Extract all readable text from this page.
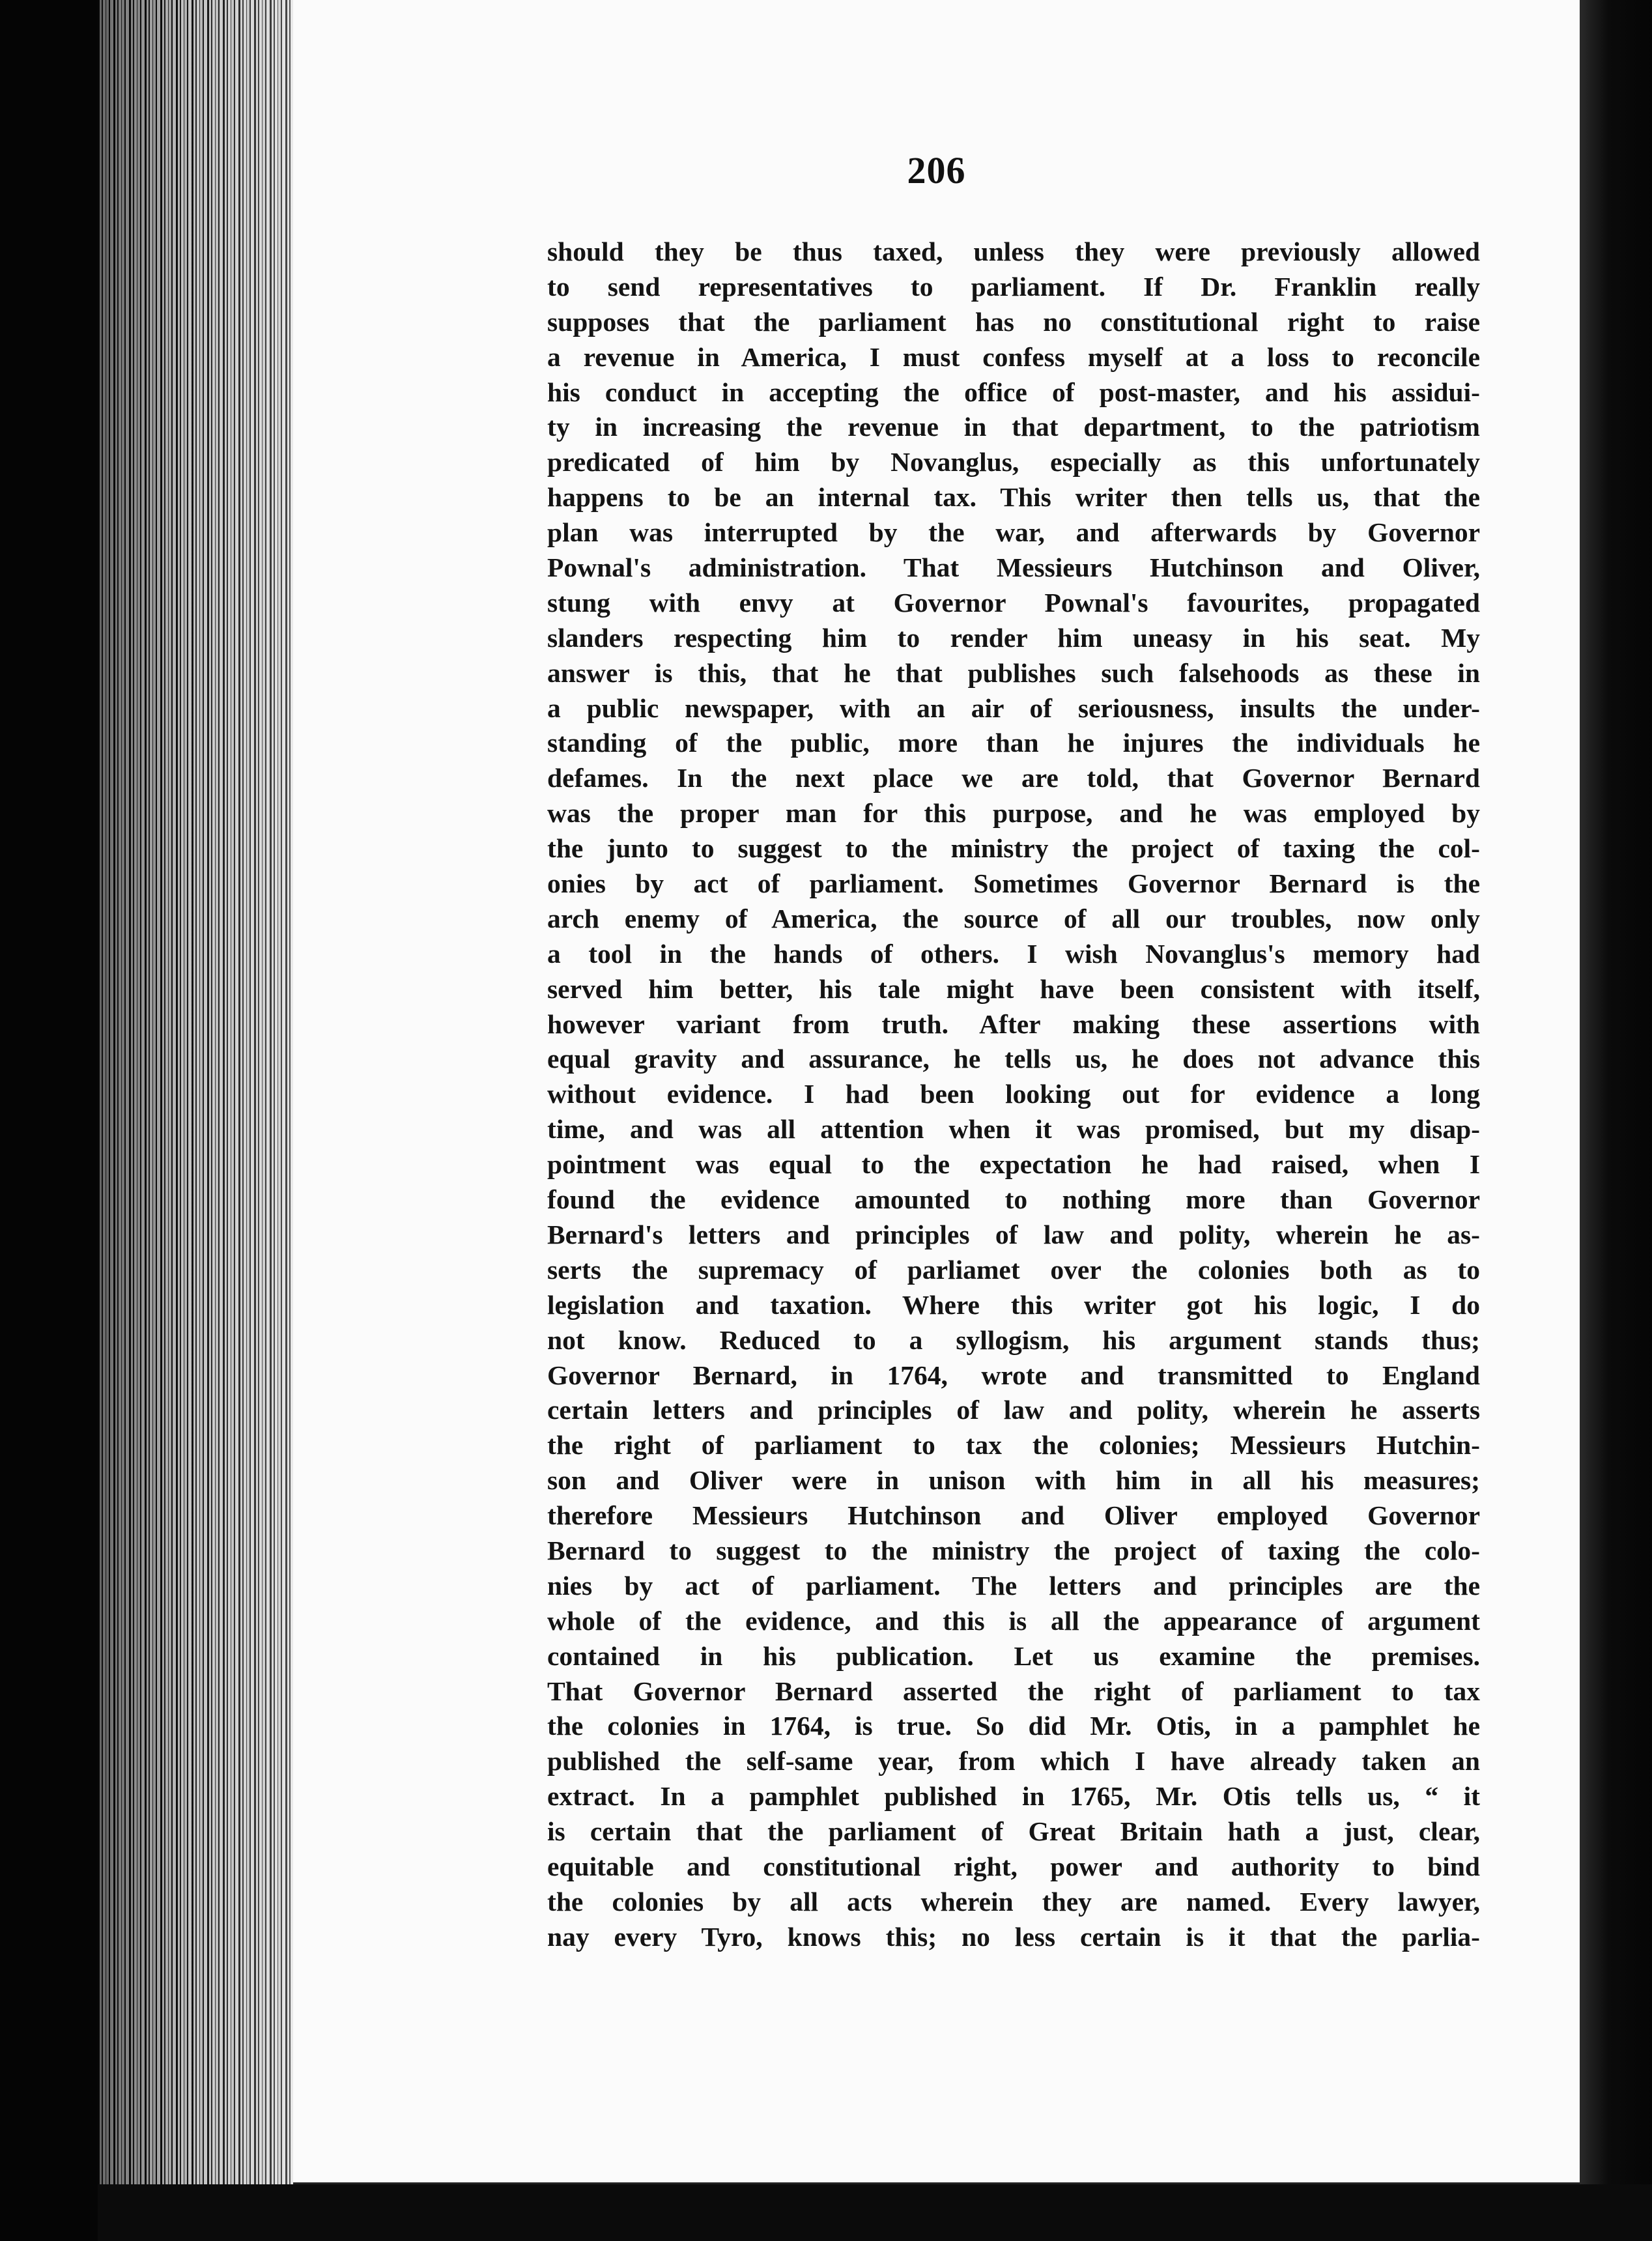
206
should they be thus taxed, unless they were previously allowed
to send representatives to parliament. If Dr. Franklin really
supposes that the parliament has no constitutional right to raise
a revenue in America, I must confess myself at a loss to reconcile
his conduct in accepting the office of post-master, and his assidui-
ty in increasing the revenue in that department, to the patriotism
predicated of him by Novanglus, especially as this unfortunately
happens to be an internal tax. This writer then tells us, that the
plan was interrupted by the war, and afterwards by Governor
Pownal's administration. That Messieurs Hutchinson and Oliver,
stung with envy at Governor Pownal's favourites, propagated
slanders respecting him to render him uneasy in his seat. My
answer is this, that he that publishes such falsehoods as these in
a public newspaper, with an air of seriousness, insults the under-
standing of the public, more than he injures the individuals he
defames. In the next place we are told, that Governor Bernard
was the proper man for this purpose, and he was employed by
the junto to suggest to the ministry the project of taxing the col-
onies by act of parliament. Sometimes Governor Bernard is the
arch enemy of America, the source of all our troubles, now only
a tool in the hands of others. I wish Novanglus's memory had
served him better, his tale might have been consistent with itself,
however variant from truth. After making these assertions with
equal gravity and assurance, he tells us, he does not advance this
without evidence. I had been looking out for evidence a long
time, and was all attention when it was promised, but my disap-
pointment was equal to the expectation he had raised, when I
found the evidence amounted to nothing more than Governor
Bernard's letters and principles of law and polity, wherein he as-
serts the supremacy of parliamet over the colonies both as to
legislation and taxation. Where this writer got his logic, I do
not know. Reduced to a syllogism, his argument stands thus;
Governor Bernard, in 1764, wrote and transmitted to England
certain letters and principles of law and polity, wherein he asserts
the right of parliament to tax the colonies; Messieurs Hutchin-
son and Oliver were in unison with him in all his measures;
therefore Messieurs Hutchinson and Oliver employed Governor
Bernard to suggest to the ministry the project of taxing the colo-
nies by act of parliament. The letters and principles are the
whole of the evidence, and this is all the appearance of argument
contained in his publication. Let us examine the premises.
That Governor Bernard asserted the right of parliament to tax
the colonies in 1764, is true. So did Mr. Otis, in a pamphlet he
published the self-same year, from which I have already taken an
extract. In a pamphlet published in 1765, Mr. Otis tells us, “ it
is certain that the parliament of Great Britain hath a just, clear,
equitable and constitutional right, power and authority to bind
the colonies by all acts wherein they are named. Every lawyer,
nay every Tyro, knows this; no less certain is it that the parlia-
